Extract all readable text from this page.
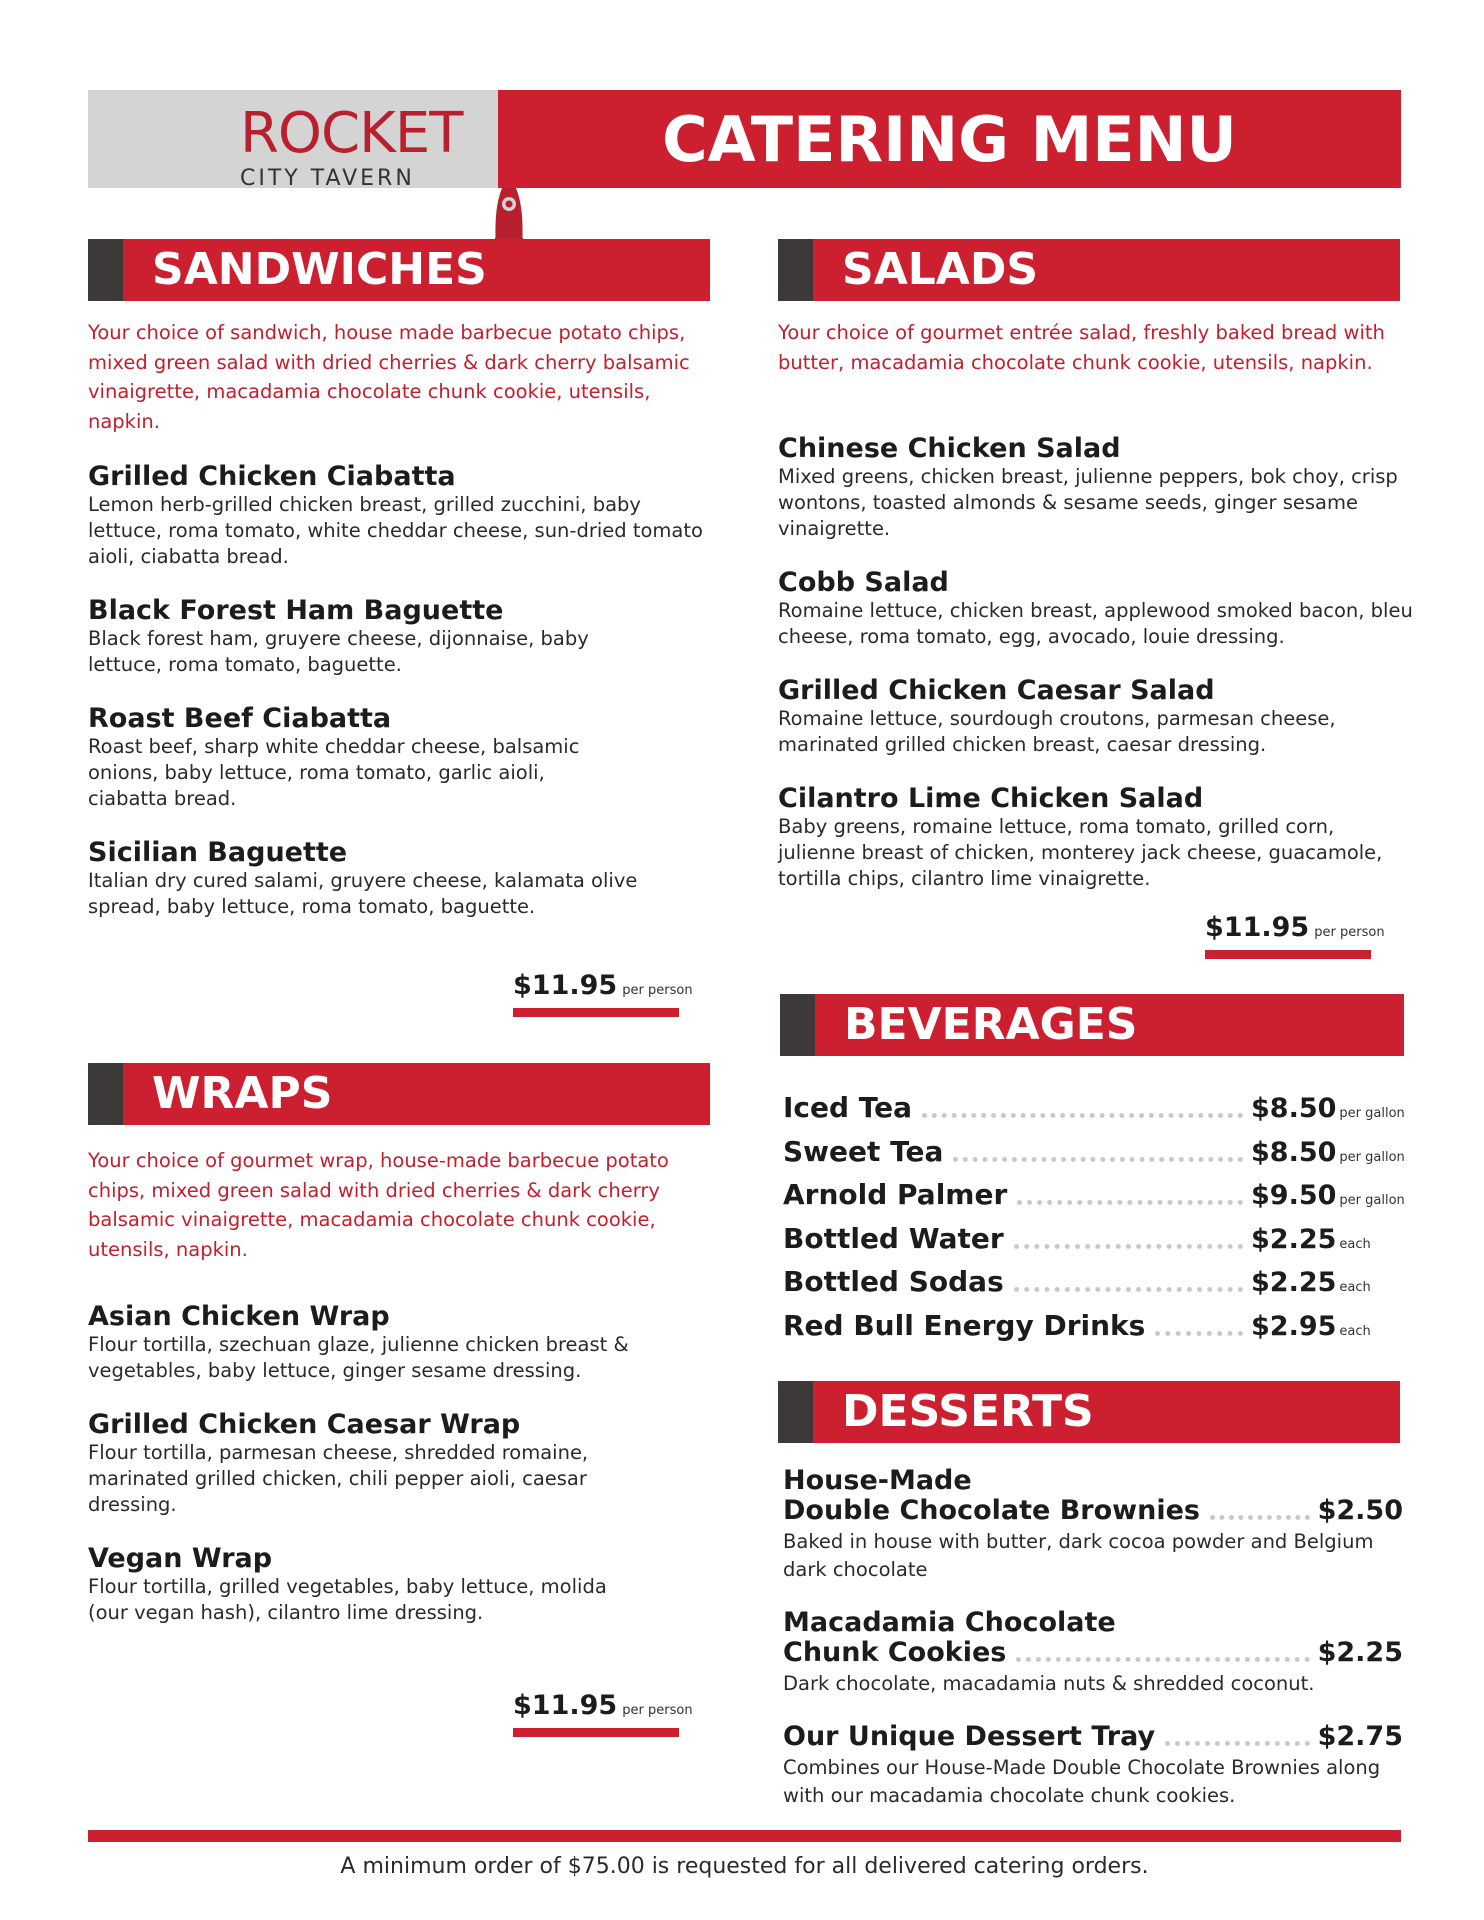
ROCKET
CITY TAVERN
CATERING MENU
SANDWICHES
Your choice of sandwich, house made barbecue potato chips, mixed green salad with dried cherries & dark cherry balsamic vinaigrette, macadamia chocolate chunk cookie, utensils, napkin.
Grilled Chicken Ciabatta
Lemon herb-grilled chicken breast, grilled zucchini, baby lettuce, roma tomato, white cheddar cheese, sun-dried tomato aioli, ciabatta bread.
Black Forest Ham Baguette
Black forest ham, gruyere cheese, dijonnaise, baby lettuce, roma tomato, baguette.
Roast Beef Ciabatta
Roast beef, sharp white cheddar cheese, balsamic onions, baby lettuce, roma tomato, garlic aioli, ciabatta bread.
Sicilian Baguette
Italian dry cured salami, gruyere cheese, kalamata olive spread, baby lettuce, roma tomato, baguette.
$11.95 per person
WRAPS
Your choice of gourmet wrap, house-made barbecue potato chips, mixed green salad with dried cherries & dark cherry balsamic vinaigrette, macadamia chocolate chunk cookie, utensils, napkin.
Asian Chicken Wrap
Flour tortilla, szechuan glaze, julienne chicken breast & vegetables, baby lettuce, ginger sesame dressing.
Grilled Chicken Caesar Wrap
Flour tortilla, parmesan cheese, shredded romaine, marinated grilled chicken, chili pepper aioli, caesar dressing.
Vegan Wrap
Flour tortilla, grilled vegetables, baby lettuce, molida (our vegan hash), cilantro lime dressing.
$11.95 per person
SALADS
Your choice of gourmet entrée salad, freshly baked bread with butter, macadamia chocolate chunk cookie, utensils, napkin.
Chinese Chicken Salad
Mixed greens, chicken breast, julienne peppers, bok choy, crisp wontons, toasted almonds & sesame seeds, ginger sesame vinaigrette.
Cobb Salad
Romaine lettuce, chicken breast, applewood smoked bacon, bleu cheese, roma tomato, egg, avocado, louie dressing.
Grilled Chicken Caesar Salad
Romaine lettuce, sourdough croutons, parmesan cheese, marinated grilled chicken breast, caesar dressing.
Cilantro Lime Chicken Salad
Baby greens, romaine lettuce, roma tomato, grilled corn, julienne breast of chicken, monterey jack cheese, guacamole, tortilla chips, cilantro lime vinaigrette.
$11.95 per person
BEVERAGES
Iced Tea	$8.50 per gallon
Sweet Tea	$8.50 per gallon
Arnold Palmer	$9.50 per gallon
Bottled Water	$2.25 each
Bottled Sodas	$2.25 each
Red Bull Energy Drinks	$2.95 each
DESSERTS
House-Made
Double Chocolate Brownies	$2.50
Baked in house with butter, dark cocoa powder and Belgium dark chocolate
Macadamia Chocolate
Chunk Cookies	$2.25
Dark chocolate, macadamia nuts & shredded coconut.
Our Unique Dessert Tray	$2.75
Combines our House-Made Double Chocolate Brownies along with our macadamia chocolate chunk cookies.
A minimum order of $75.00 is requested for all delivered catering orders.
